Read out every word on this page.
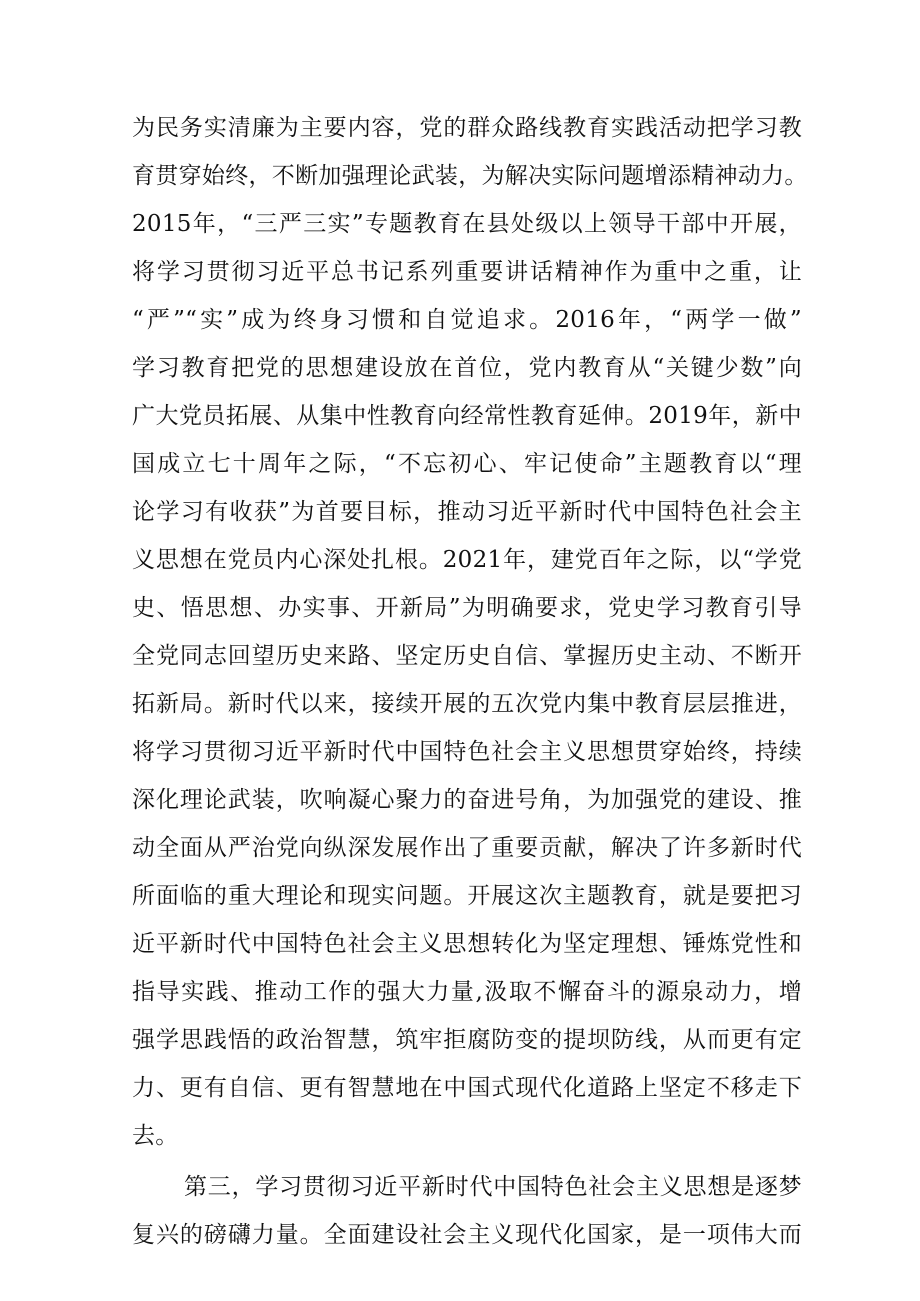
为民务实清廉为主要内容，党的群众路线教育实践活动把学习教
育贯穿始终，不断加强理论武装，为解决实际问题增添精神动力。
2015年，“三严三实”专题教育在县处级以上领导干部中开展，
将学习贯彻习近平总书记系列重要讲话精神作为重中之重，让
“严”“实”成为终身习惯和自觉追求。2016年，“两学一做”
学习教育把党的思想建设放在首位，党内教育从“关键少数”向
广大党员拓展、从集中性教育向经常性教育延伸。2019年，新中
国成立七十周年之际，“不忘初心、牢记使命”主题教育以“理
论学习有收获”为首要目标，推动习近平新时代中国特色社会主
义思想在党员内心深处扎根。2021年，建党百年之际，以“学党
史、悟思想、办实事、开新局”为明确要求，党史学习教育引导
全党同志回望历史来路、坚定历史自信、掌握历史主动、不断开
拓新局。新时代以来，接续开展的五次党内集中教育层层推进，
将学习贯彻习近平新时代中国特色社会主义思想贯穿始终，持续
深化理论武装，吹响凝心聚力的奋进号角，为加强党的建设、推
动全面从严治党向纵深发展作出了重要贡献，解决了许多新时代
所面临的重大理论和现实问题。开展这次主题教育，就是要把习
近平新时代中国特色社会主义思想转化为坚定理想、锤炼党性和
指导实践、推动工作的强大力量,汲取不懈奋斗的源泉动力，增
强学思践悟的政治智慧，筑牢拒腐防变的提坝防线，从而更有定
力、更有自信、更有智慧地在中国式现代化道路上坚定不移走下
去。
第三，学习贯彻习近平新时代中国特色社会主义思想是逐梦
复兴的磅礴力量。全面建设社会主义现代化国家，是一项伟大而
